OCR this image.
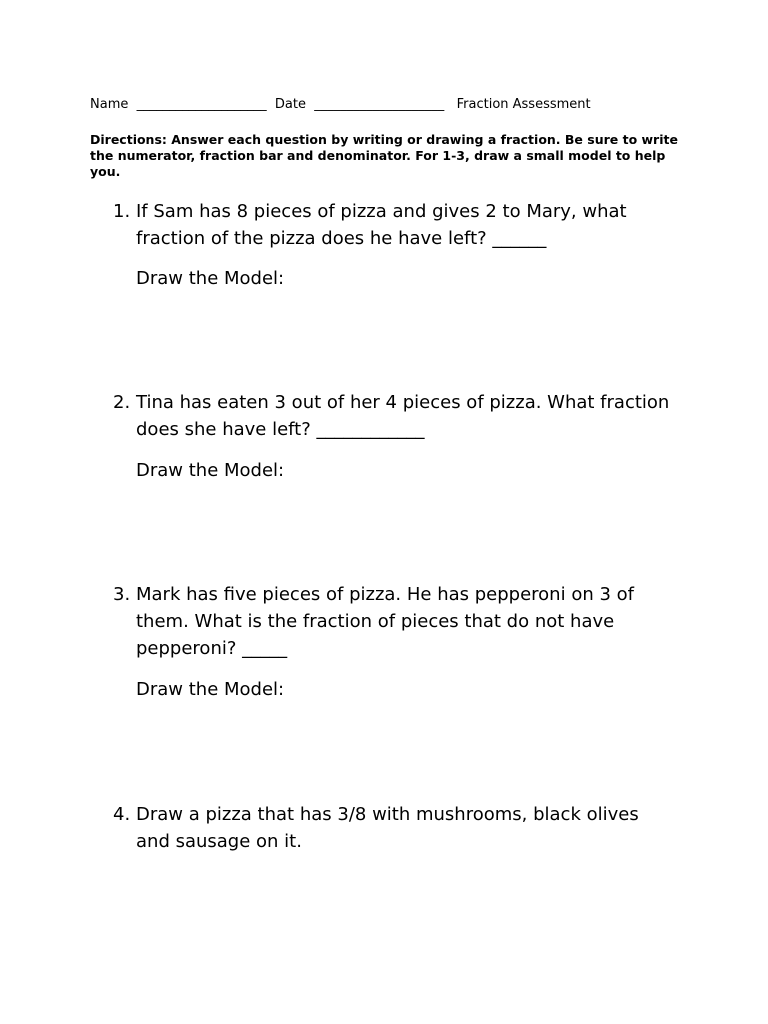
Name  ____________________  Date  ____________________   Fraction Assessment
Directions: Answer each question by writing or drawing a fraction. Be sure to write the numerator, fraction bar and denominator. For 1-3, draw a small model to help you.
1. If Sam has 8 pieces of pizza and gives 2 to Mary, what fraction of the pizza does he have left? ______
Draw the Model:
2. Tina has eaten 3 out of her 4 pieces of pizza. What fraction does she have left? ____________
Draw the Model:
3. Mark has five pieces of pizza. He has pepperoni on 3 of them. What is the fraction of pieces that do not have pepperoni? _____
Draw the Model:
4. Draw a pizza that has 3/8 with mushrooms, black olives and sausage on it.
